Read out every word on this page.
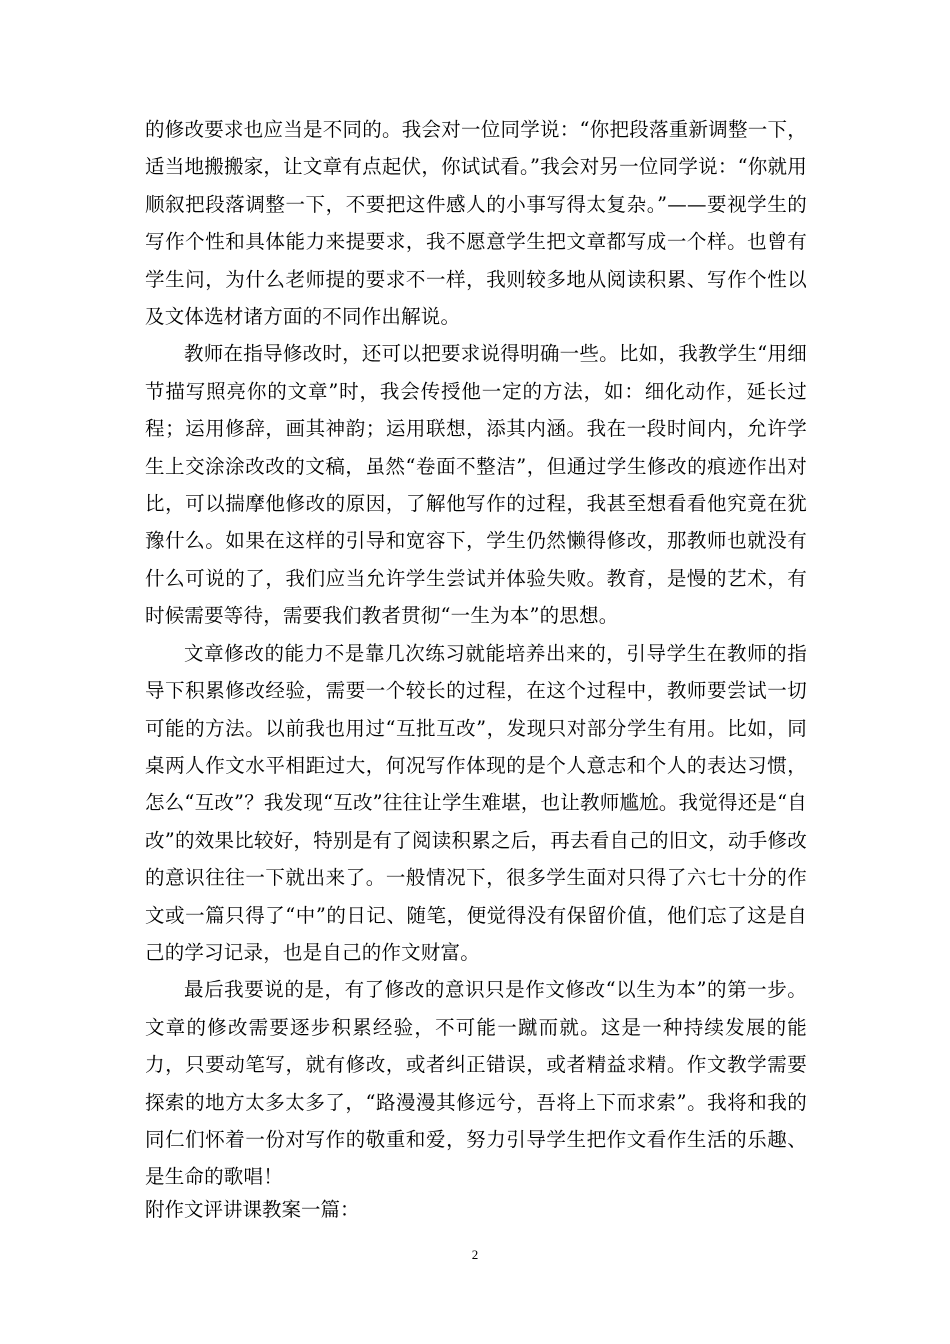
的修改要求也应当是不同的。我会对一位同学说：“你把段落重新调整一下，适当地搬搬家，让文章有点起伏，你试试看。”我会对另一位同学说：“你就用顺叙把段落调整一下，不要把这件感人的小事写得太复杂。”——要视学生的写作个性和具体能力来提要求，我不愿意学生把文章都写成一个样。也曾有学生问，为什么老师提的要求不一样，我则较多地从阅读积累、写作个性以及文体选材诸方面的不同作出解说。

教师在指导修改时，还可以把要求说得明确一些。比如，我教学生“用细节描写照亮你的文章”时，我会传授他一定的方法，如：细化动作，延长过程；运用修辞，画其神韵；运用联想，添其内涵。我在一段时间内，允许学生上交涂涂改改的文稿，虽然“卷面不整洁”，但通过学生修改的痕迹作出对比，可以揣摩他修改的原因，了解他写作的过程，我甚至想看看他究竟在犹豫什么。如果在这样的引导和宽容下，学生仍然懒得修改，那教师也就没有什么可说的了，我们应当允许学生尝试并体验失败。教育，是慢的艺术，有时候需要等待，需要我们教者贯彻“一生为本”的思想。

文章修改的能力不是靠几次练习就能培养出来的，引导学生在教师的指导下积累修改经验，需要一个较长的过程，在这个过程中，教师要尝试一切可能的方法。以前我也用过“互批互改”，发现只对部分学生有用。比如，同桌两人作文水平相距过大，何况写作体现的是个人意志和个人的表达习惯，怎么“互改”？我发现“互改”往往让学生难堪，也让教师尴尬。我觉得还是“自改”的效果比较好，特别是有了阅读积累之后，再去看自己的旧文，动手修改的意识往往一下就出来了。一般情况下，很多学生面对只得了六七十分的作文或一篇只得了“中”的日记、随笔，便觉得没有保留价值，他们忘了这是自己的学习记录，也是自己的作文财富。

最后我要说的是，有了修改的意识只是作文修改“以生为本”的第一步。文章的修改需要逐步积累经验，不可能一蹴而就。这是一种持续发展的能力，只要动笔写，就有修改，或者纠正错误，或者精益求精。作文教学需要探索的地方太多太多了，“路漫漫其修远兮，吾将上下而求索”。我将和我的同仁们怀着一份对写作的敬重和爱，努力引导学生把作文看作生活的乐趣、是生命的歌唱！

附作文评讲课教案一篇：

2
